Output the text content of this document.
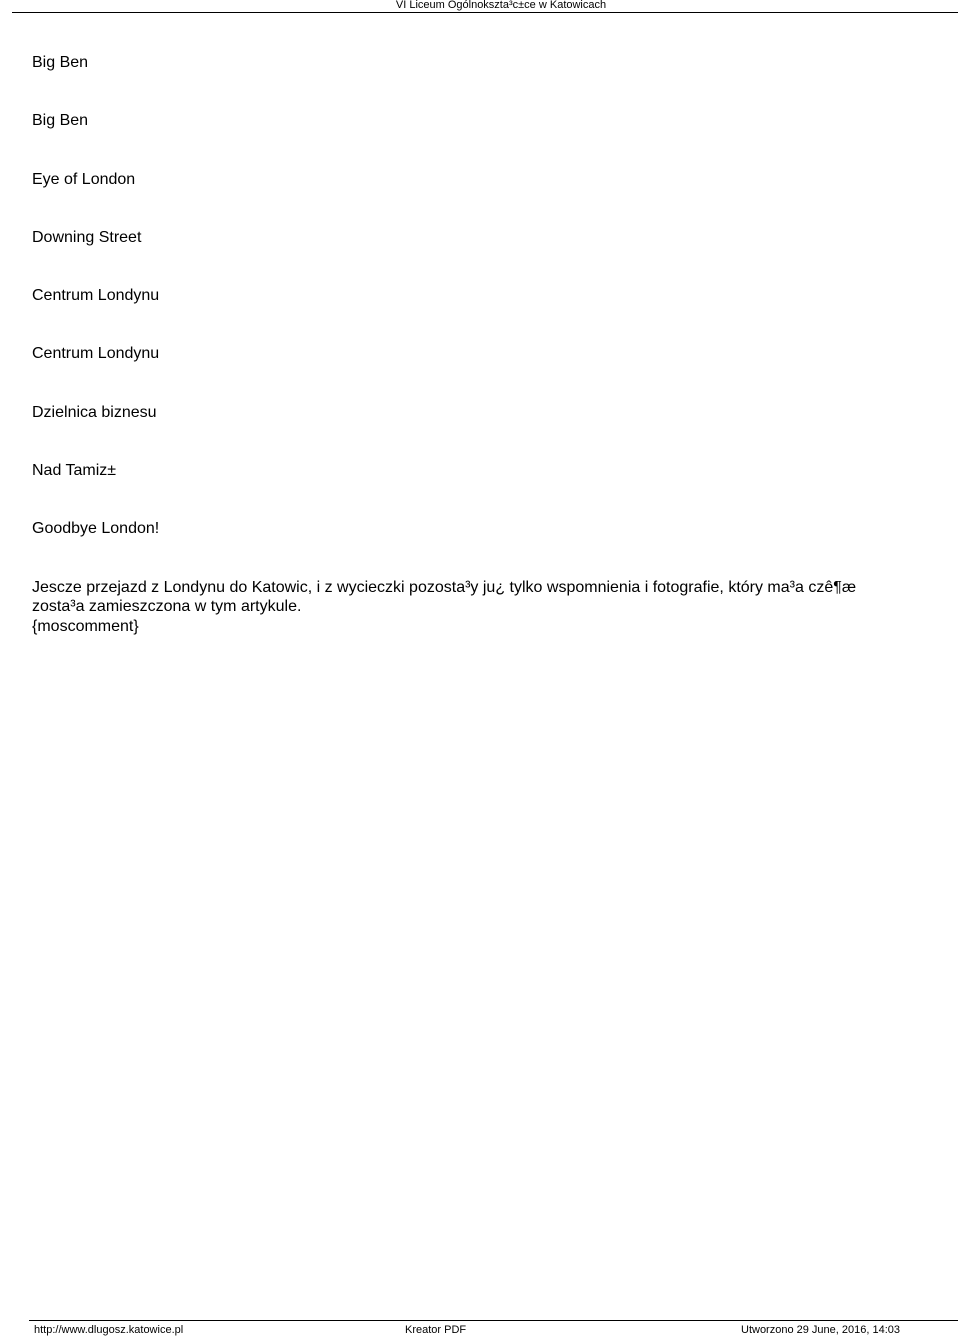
VI Liceum Ogólnokszta³c±ce w Katowicach
Big Ben
Big Ben
Eye of London
Downing Street
Centrum Londynu
Centrum Londynu
Dzielnica biznesu
Nad Tamiz±
Goodbye London!

Jescze przejazd z Londynu do Katowic, i z wycieczki pozosta³y ju¿ tylko wspomnienia i fotografie, który ma³a czê¶æ
zosta³a zamieszczona w tym artykule.
{moscomment}

http://www.dlugosz.katowice.pl	Kreator PDF	Utworzono 29 June, 2016, 14:03
